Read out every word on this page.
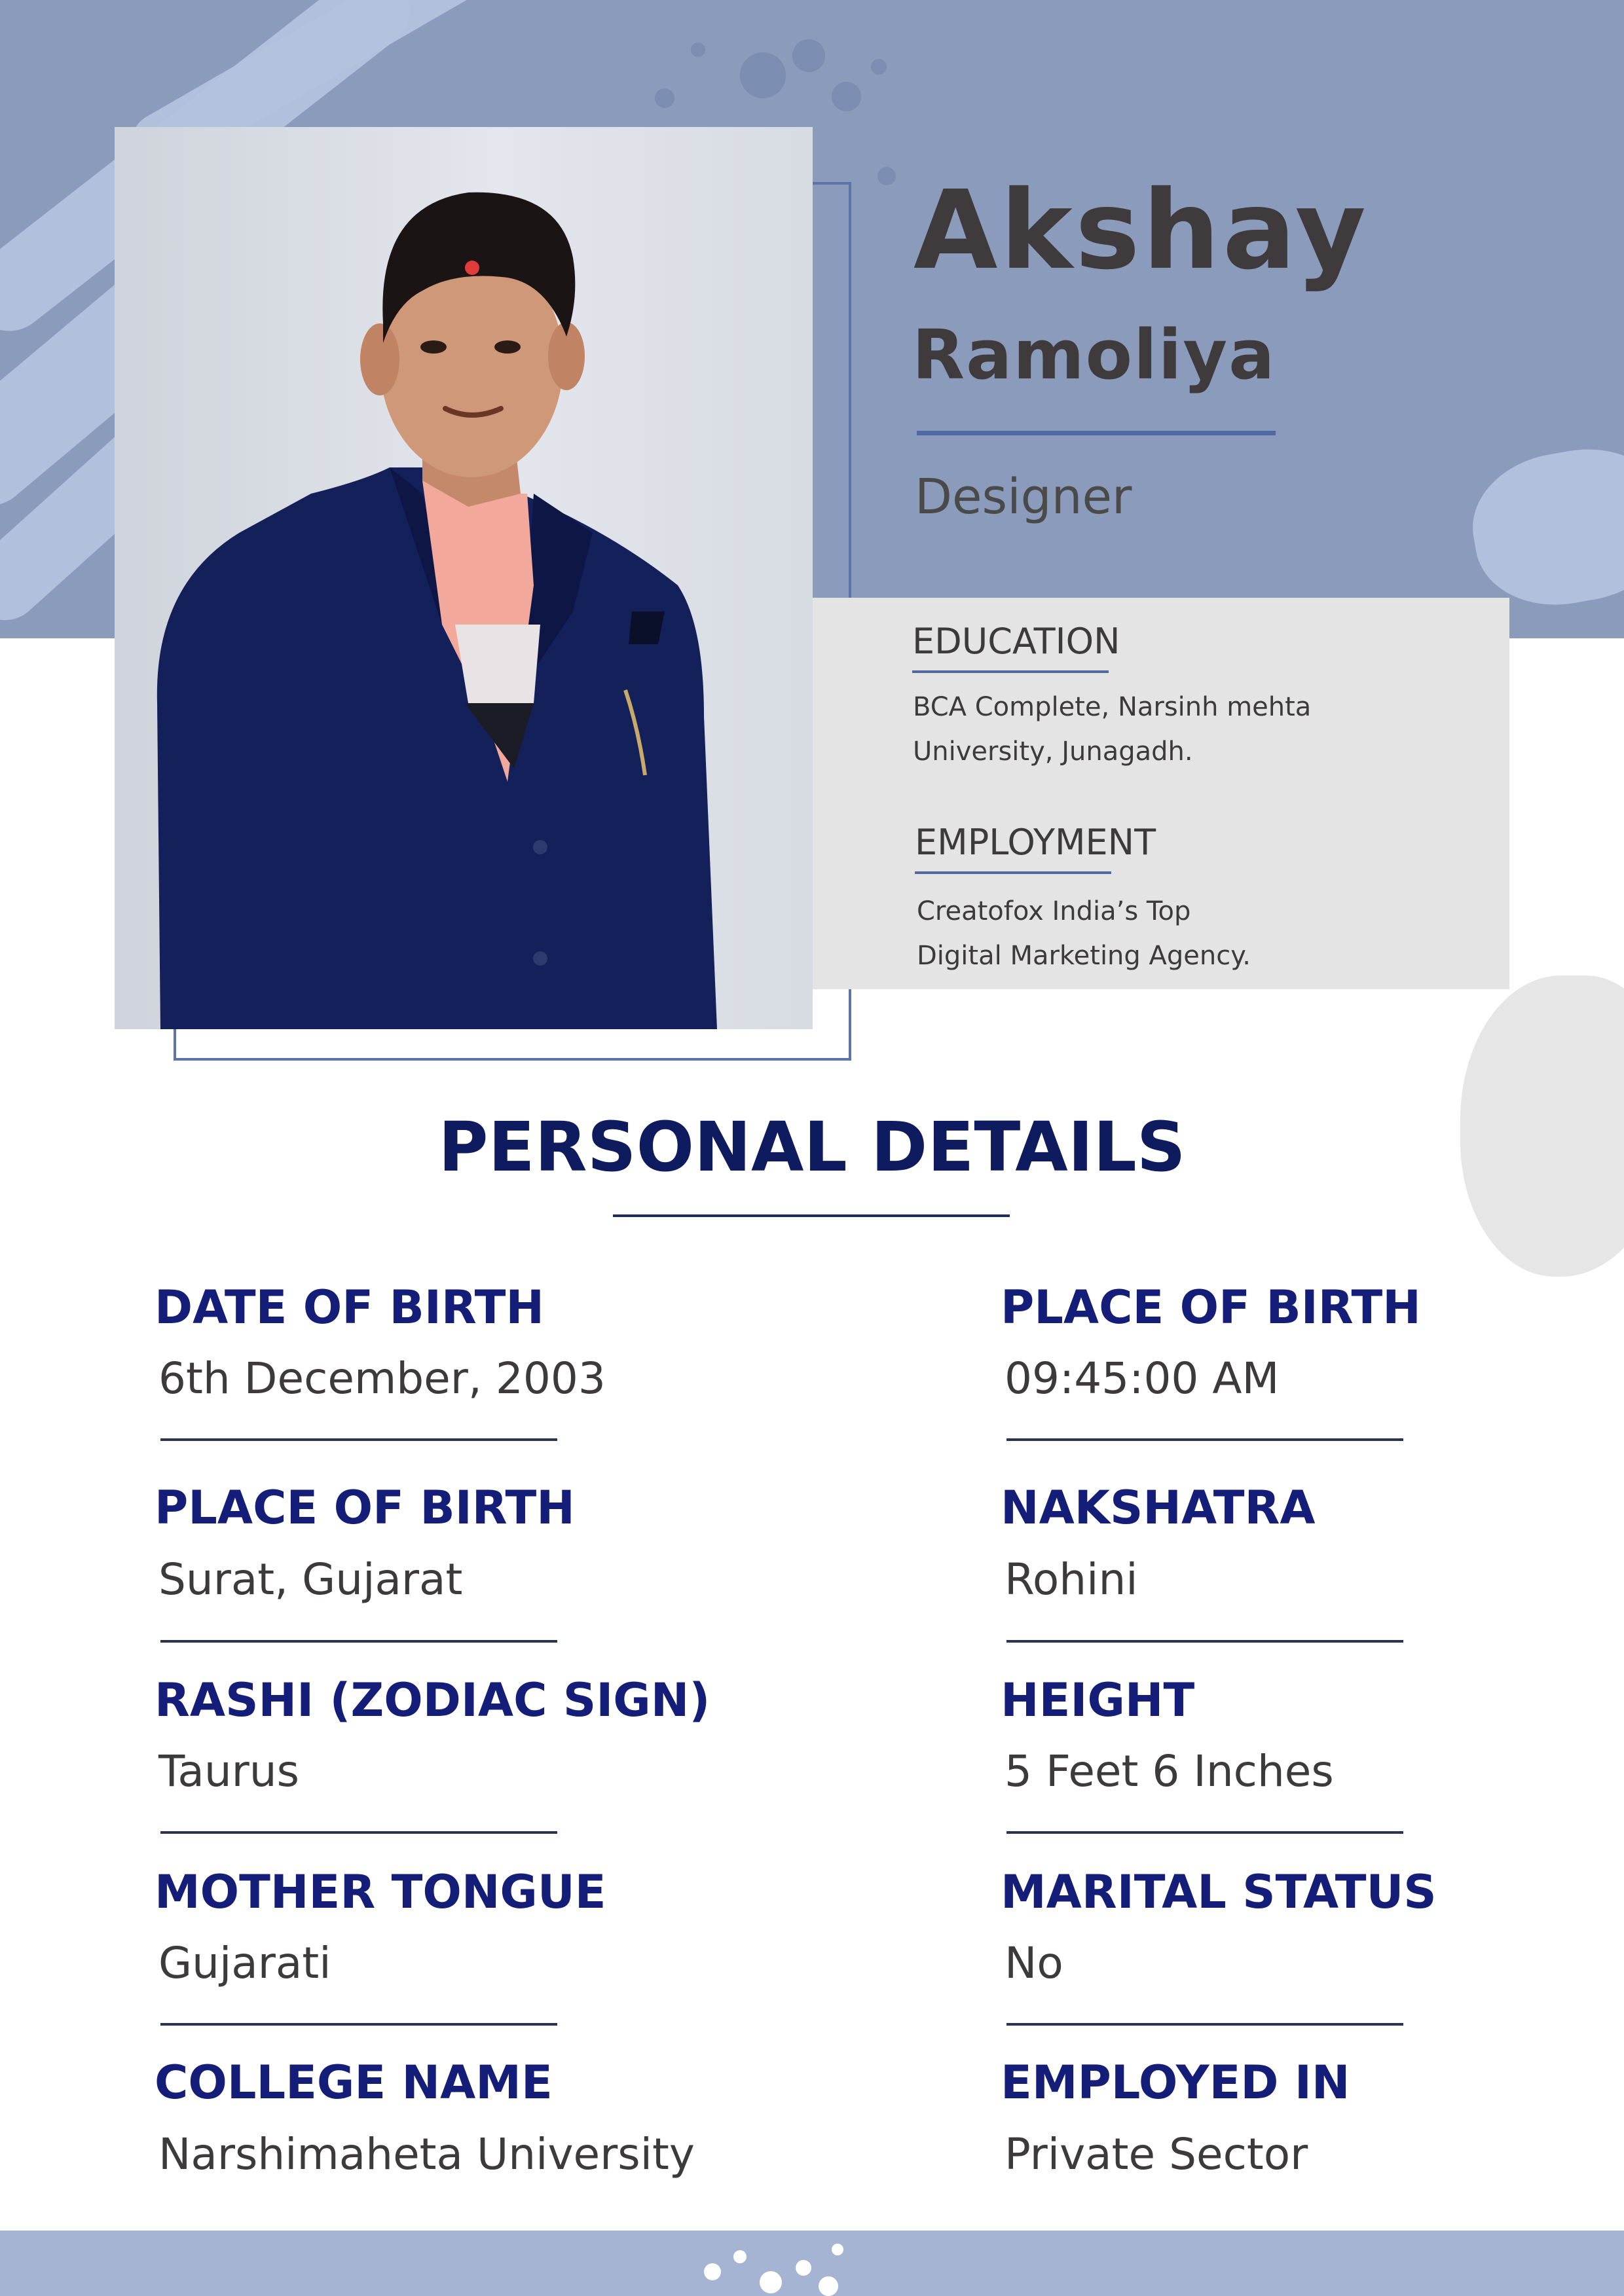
Akshay
Ramoliya
Designer
EDUCATION
BCA Complete, Narsinh mehta
University, Junagadh.
EMPLOYMENT
Creatofox India’s Top
Digital Marketing Agency.
PERSONAL DETAILS
DATE OF BIRTH
6th December, 2003
PLACE OF BIRTH
Surat, Gujarat
RASHI (ZODIAC SIGN)
Taurus
MOTHER TONGUE
Gujarati
COLLEGE NAME
Narshimaheta University
PLACE OF BIRTH
09:45:00 AM
NAKSHATRA
Rohini
HEIGHT
5 Feet 6 Inches
MARITAL STATUS
No
EMPLOYED IN
Private Sector
